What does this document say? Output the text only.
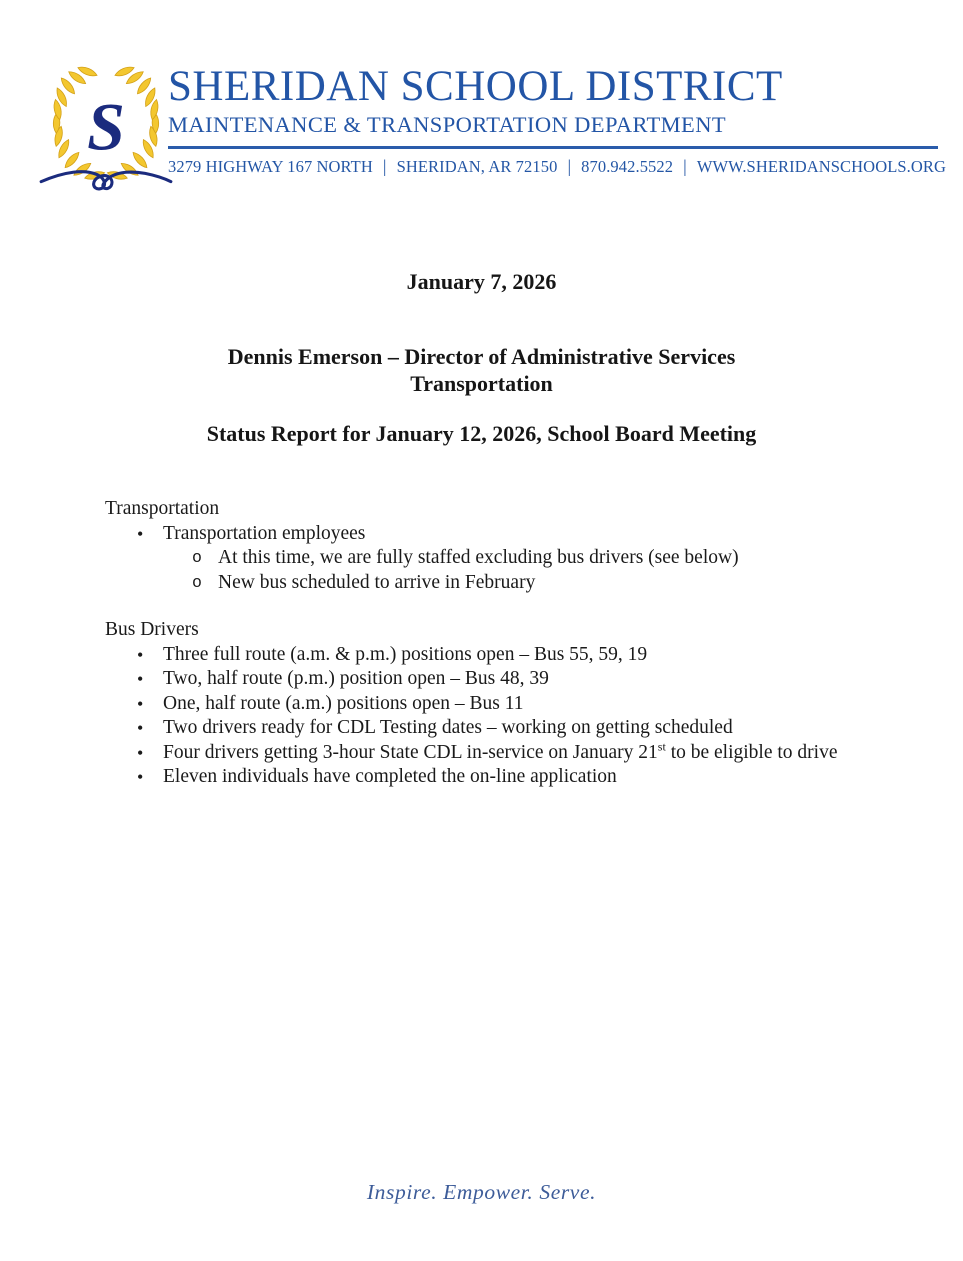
S
SHERIDAN SCHOOL DISTRICT
MAINTENANCE & TRANSPORTATION DEPARTMENT
3279 HIGHWAY 167 NORTH | SHERIDAN, AR 72150 | 870.942.5522 | WWW.SHERIDANSCHOOLS.ORG
January 7, 2026
Dennis Emerson – Director of Administrative Services
Transportation
Status Report for January 12, 2026, School Board Meeting
Transportation
•	Transportation employees
o At this time, we are fully staffed excluding bus drivers (see below)
o New bus scheduled to arrive in February
Bus Drivers
•	Three full route (a.m. & p.m.) positions open – Bus 55, 59, 19
•	Two, half route (p.m.) position open – Bus 48, 39
•	One, half route (a.m.) positions open – Bus 11
•	Two drivers ready for CDL Testing dates – working on getting scheduled
•	Four drivers getting 3-hour State CDL in-service on January 21st to be eligible to drive
•	Eleven individuals have completed the on-line application
Inspire. Empower. Serve.
